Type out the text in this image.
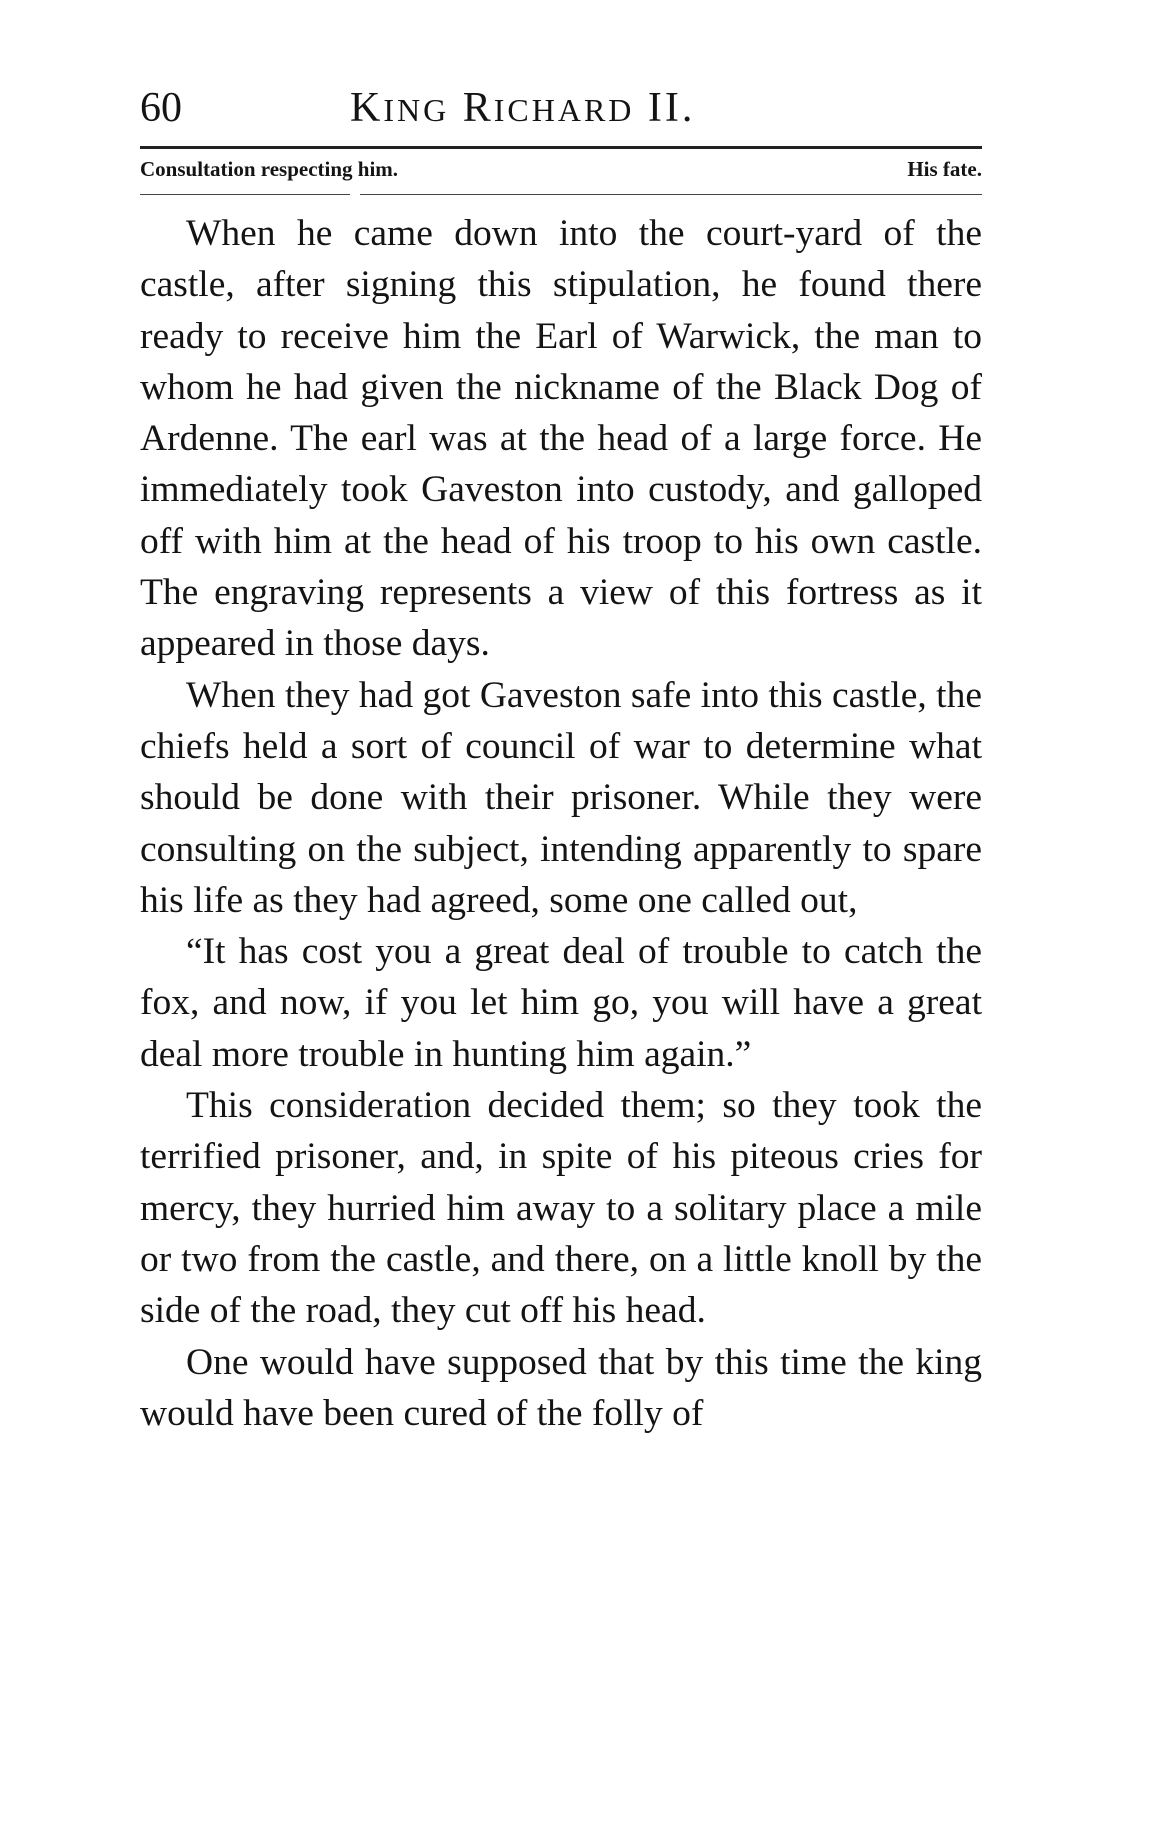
60	KING RICHARD II.
Consultation respecting him.	His fate.

When he came down into the court-yard of the castle, after signing this stipulation, he found there ready to receive him the Earl of Warwick, the man to whom he had given the nickname of the Black Dog of Ardenne. The earl was at the head of a large force. He immediately took Gaveston into custody, and galloped off with him at the head of his troop to his own castle. The engraving represents a view of this fortress as it appeared in those days.

When they had got Gaveston safe into this castle, the chiefs held a sort of council of war to determine what should be done with their prisoner. While they were consulting on the subject, intending apparently to spare his life as they had agreed, some one called out,

“It has cost you a great deal of trouble to catch the fox, and now, if you let him go, you will have a great deal more trouble in hunting him again.”

This consideration decided them; so they took the terrified prisoner, and, in spite of his piteous cries for mercy, they hurried him away to a solitary place a mile or two from the castle, and there, on a little knoll by the side of the road, they cut off his head.

One would have supposed that by this time the king would have been cured of the folly of
